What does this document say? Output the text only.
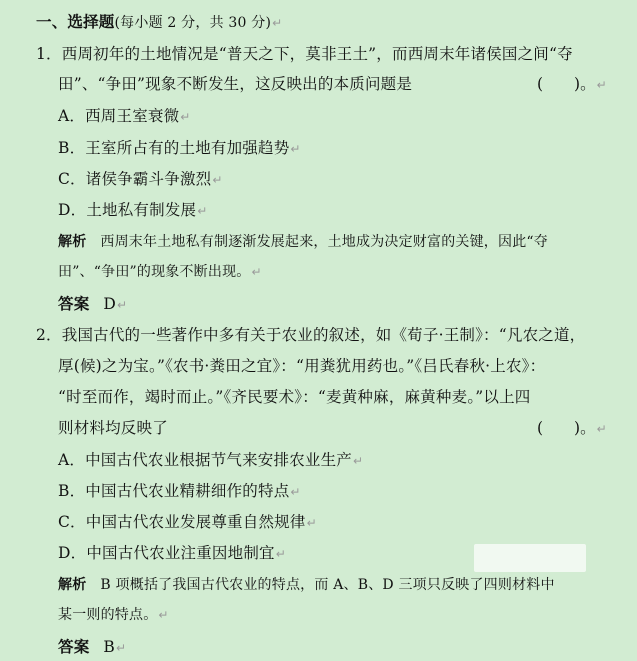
一、选择题(每小题 2 分，共 30 分)↵
1．西周初年的土地情况是“普天之下，莫非王土”，而西周末年诸侯国之间“夺
田”、“争田”现象不断发生，这反映出的本质问题是	(　　)。↵
A．西周王室衰微↵
B．王室所占有的土地有加强趋势↵
C．诸侯争霸斗争激烈↵
D．土地私有制发展↵
解析 西周末年土地私有制逐渐发展起来，土地成为决定财富的关键，因此“夺
田”、“争田”的现象不断出现。↵
答案 D↵
2．我国古代的一些著作中多有关于农业的叙述，如《荀子·王制》：“凡农之道，
厚(候)之为宝。”《农书·粪田之宜》：“用粪犹用药也。”《吕氏春秋·上农》：
“时至而作，竭时而止。”《齐民要术》：“麦黄种麻，麻黄种麦。”以上四
则材料均反映了	(　　)。↵
A．中国古代农业根据节气来安排农业生产↵
B．中国古代农业精耕细作的特点↵
C．中国古代农业发展尊重自然规律↵
D．中国古代农业注重因地制宜↵
解析 B 项概括了我国古代农业的特点，而 A、B、D 三项只反映了四则材料中
某一则的特点。↵
答案 B↵
